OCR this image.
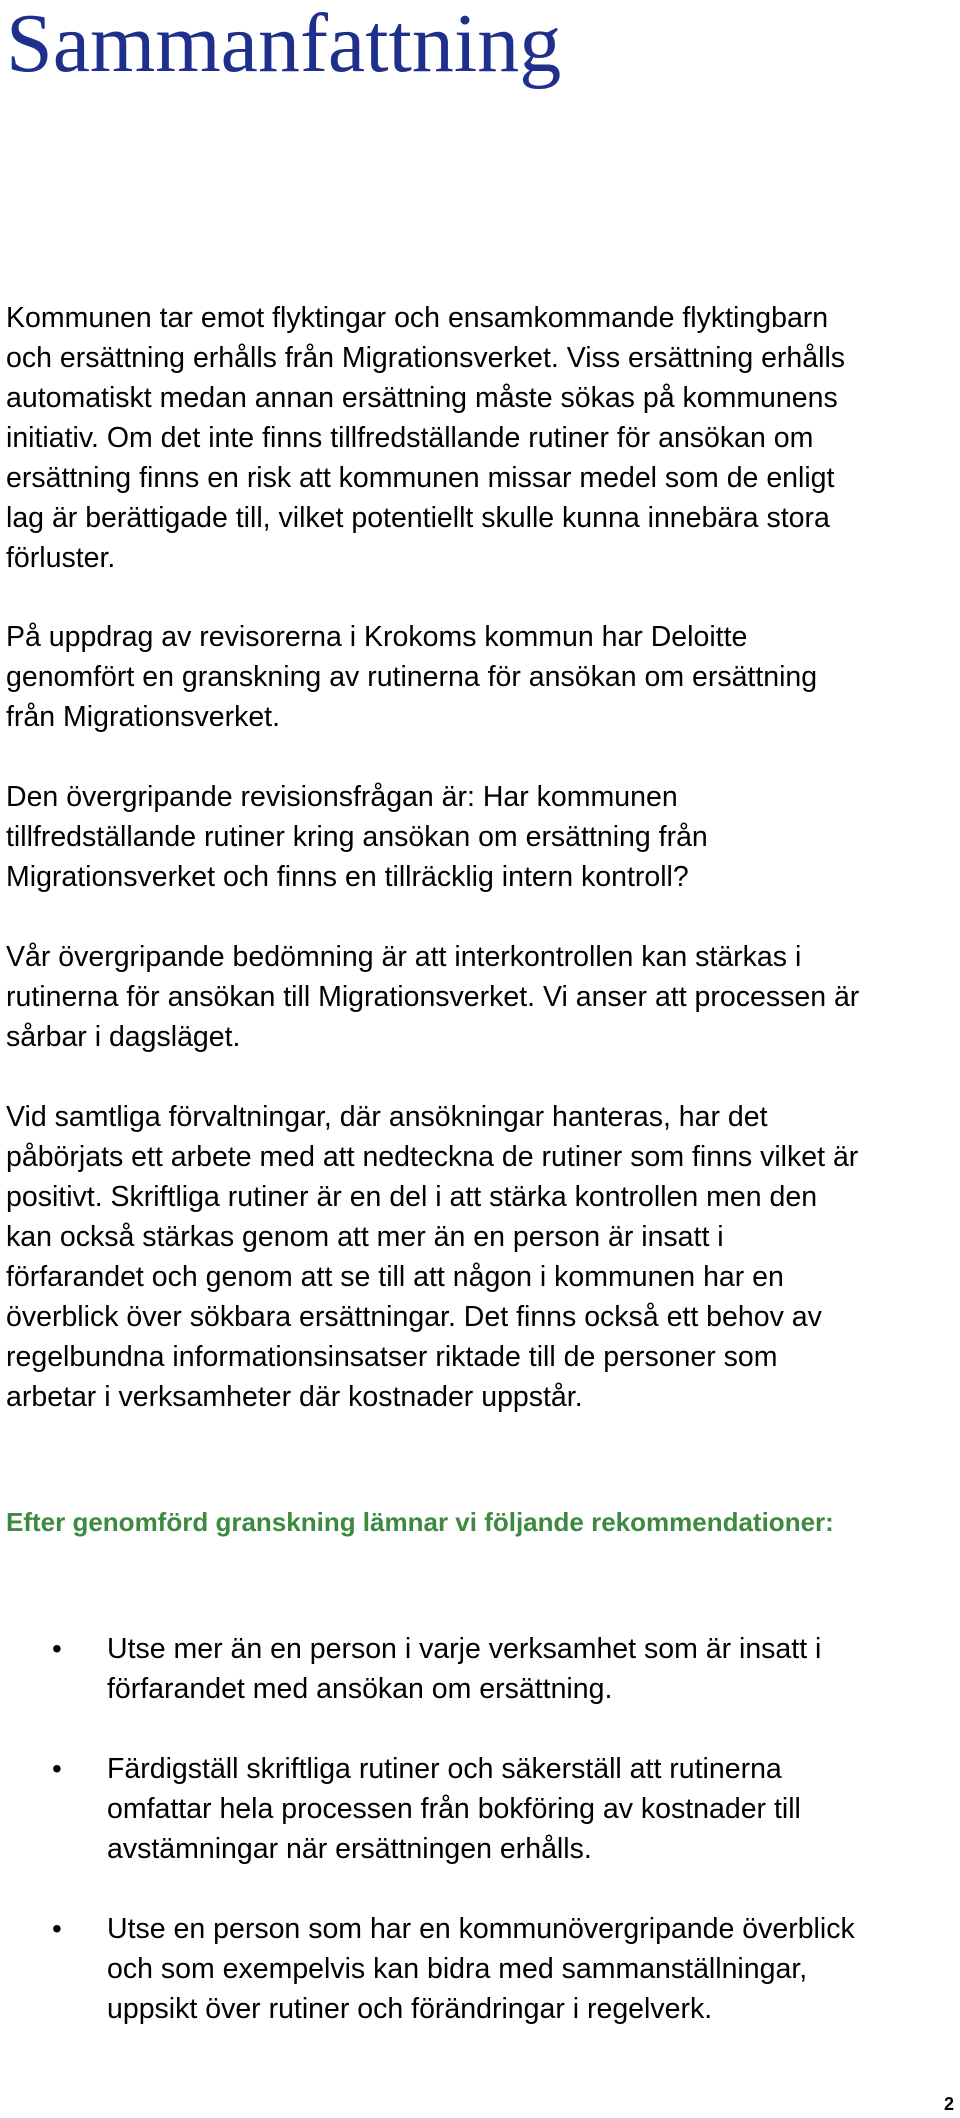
Sammanfattning

Kommunen tar emot flyktingar och ensamkommande flyktingbarn
och ersättning erhålls från Migrationsverket. Viss ersättning erhålls
automatiskt medan annan ersättning måste sökas på kommunens
initiativ. Om det inte finns tillfredställande rutiner för ansökan om
ersättning finns en risk att kommunen missar medel som de enligt
lag är berättigade till, vilket potentiellt skulle kunna innebära stora
förluster.

På uppdrag av revisorerna i Krokoms kommun har Deloitte
genomfört en granskning av rutinerna för ansökan om ersättning
från Migrationsverket.

Den övergripande revisionsfrågan är: Har kommunen
tillfredställande rutiner kring ansökan om ersättning från
Migrationsverket och finns en tillräcklig intern kontroll?

Vår övergripande bedömning är att interkontrollen kan stärkas i
rutinerna för ansökan till Migrationsverket. Vi anser att processen är
sårbar i dagsläget.

Vid samtliga förvaltningar, där ansökningar hanteras, har det
påbörjats ett arbete med att nedteckna de rutiner som finns vilket är
positivt. Skriftliga rutiner är en del i att stärka kontrollen men den
kan också stärkas genom att mer än en person är insatt i
förfarandet och genom att se till att någon i kommunen har en
överblick över sökbara ersättningar. Det finns också ett behov av
regelbundna informationsinsatser riktade till de personer som
arbetar i verksamheter där kostnader uppstår.

Efter genomförd granskning lämnar vi följande rekommendationer:
• Utse mer än en person i varje verksamhet som är insatt i
förfarandet med ansökan om ersättning.
• Färdigställ skriftliga rutiner och säkerställ att rutinerna
omfattar hela processen från bokföring av kostnader till
avstämningar när ersättningen erhålls.
• Utse en person som har en kommunövergripande överblick
och som exempelvis kan bidra med sammanställningar,
uppsikt över rutiner och förändringar i regelverk.
2
